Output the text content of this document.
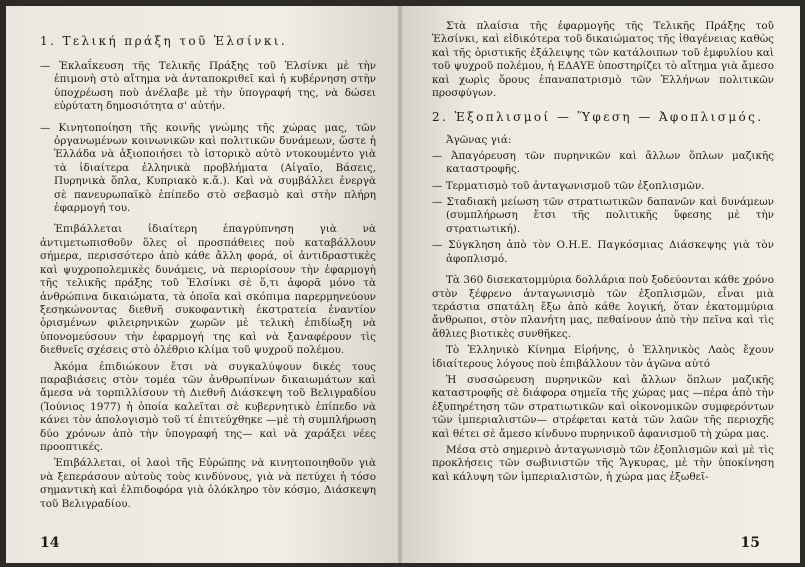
1. Τελική πράξη τοῦ Ἑλσίνκι.
— Ἐκλαΐκευση τῆς Τελικῆς Πράξης τοῦ Ἑλσίνκι μὲ τὴν ἐπιμονὴ στὸ αἴτημα νὰ ἀνταποκριθεῖ καὶ ἡ κυβέρνηση στὴν ὑποχρέωση ποὺ ἀνέλαβε μὲ τὴν ὑπογραφή της, νὰ δώσει εὐρύτατη δημοσιότητα σ' αὐτήν.
— Κινητοποίηση τῆς κοινῆς γνώμης τῆς χώρας μας, τῶν ὀργανωμένων κοινωνικῶν καὶ πολιτικῶν δυνάμεων, ὥστε ἡ Ἑλλάδα νὰ ἀξιοποιήσει τὸ ἱστορικὸ αὐτὸ ντοκουμέντο γιὰ τὰ ἰδιαίτερα ἑλληνικὰ προβλήματα (Αἰγαῖο, Βάσεις, Πυρηνικὰ ὅπλα, Κυπριακὸ κ.ἄ.). Καὶ νὰ συμβάλλει ἐνεργὰ σὲ πανευρωπαϊκὸ ἐπίπεδο στὸ σεβασμὸ καὶ στὴν πλήρη ἐφαρμογή του.
Ἐπιβάλλεται ἰδιαίτερη ἐπαγρύπνηση γιὰ νὰ ἀντιμετωπισθοῦν ὅλες οἱ προσπάθειες ποὺ καταβάλλουν σήμερα, περισσότερο ἀπὸ κάθε ἄλλη φορά, οἱ ἀντιδραστικὲς καὶ ψυχροπολεμικὲς δυνάμεις, νὰ περιορίσουν τὴν ἐφαρμογὴ τῆς τελικῆς πράξης τοῦ Ἑλσίνκι σὲ ὅ,τι ἀφορᾶ μόνο τὰ ἀνθρώπινα δικαιώματα, τὰ ὁποῖα καὶ σκόπιμα παρερμηνεύουν ξεσηκώνοντας διεθνῆ συκοφαντικὴ ἐκστρατεία ἐναντίον ὁρισμένων φιλειρηνικῶν χωρῶν μὲ τελικὴ ἐπιδίωξη νὰ ὑπονομεύσουν τὴν ἐφαρμογή της καὶ νὰ ξαναφέρουν τὶς διεθνεῖς σχέσεις στὸ ὀλέθριο κλίμα τοῦ ψυχροῦ πολέμου.
Ἀκόμα ἐπιδιώκουν ἔτσι νὰ συγκαλύψουν δικές τους παραβιάσεις στὸν τομέα τῶν ἀνθρωπίνων δικαιωμάτων καὶ ἄμεσα νὰ τορπιλλίσουν τὴ Διεθνῆ Διάσκεψη τοῦ Βελιγραδίου (Ἰούνιος 1977) ἡ ὁποία καλεῖται σὲ κυβερνητικὸ ἐπίπεδο νὰ κάνει τὸν ἀπολογισμὸ τοῦ τί ἐπιτεύχθηκε —μὲ τὴ συμπλήρωση δύο χρόνων ἀπὸ τὴν ὑπογραφή της— καὶ νὰ χαράξει νέες προοπτικές.
Ἐπιβάλλεται, οἱ λαοὶ τῆς Εὐρώπης νὰ κινητοποιηθοῦν γιὰ νὰ ξεπεράσουν αὐτοὺς τοὺς κινδύνους, γιὰ νὰ πετύχει ἡ τόσο σημαντικὴ καὶ ἐλπιδοφόρα γιὰ ὁλόκληρο τὸν κόσμο, Διάσκεψη τοῦ Βελιγραδίου.
14
Στὰ πλαίσια τῆς ἐφαρμογῆς τῆς Τελικῆς Πράξης τοῦ Ἑλσίνκι, καὶ εἰδικότερα τοῦ δικαιώματος τῆς ἰθαγένειας καθὼς καὶ τῆς ὁριστικῆς ἐξάλειψης τῶν κατάλοιπων τοῦ ἐμφυλίου καὶ τοῦ ψυχροῦ πολέμου, ἡ ΕΔΑΥΕ ὑποστηρίζει τὸ αἴτημα γιὰ ἄμεσο καὶ χωρὶς ὅρους ἐπαναπατρισμὸ τῶν Ἑλλήνων πολιτικῶν προσφύγων.
2. Ἐξοπλισμοί — Ὕφεση — Ἀφοπλισμός.
Ἀγῶνας γιά:
— Ἀπαγόρευση τῶν πυρηνικῶν καὶ ἄλλων ὅπλων μαζικῆς καταστροφῆς.
— Τερματισμὸ τοῦ ἀνταγωνισμοῦ τῶν ἐξοπλισμῶν.
— Σταδιακὴ μείωση τῶν στρατιωτικῶν δαπανῶν καὶ δυνάμεων (συμπλήρωση ἔτσι τῆς πολιτικῆς ὕφεσης μὲ τὴν στρατιωτική).
— Σύγκληση ἀπὸ τὸν Ο.Η.Ε. Παγκόσμιας Διάσκεψης γιὰ τὸν ἀφοπλισμό.
Τὰ 360 δισεκατομμύρια δολλάρια ποὺ ξοδεύονται κάθε χρόνο στὸν ξέφρενο ἀνταγωνισμὸ τῶν ἐξοπλισμῶν, εἶναι μιὰ τεράστια σπατάλη ἔξω ἀπὸ κάθε λογική, ὅταν ἑκατομμύρια ἄνθρωποι, στὸν πλανήτη μας, πεθαίνουν ἀπὸ τὴν πεῖνα καὶ τὶς ἄθλιες βιοτικὲς συνθῆκες.
Τὸ Ἑλληνικὸ Κίνημα Εἰρήνης, ὁ Ἑλληνικὸς Λαὸς ἔχουν ἰδιαίτερους λόγους ποὺ ἐπιβάλλουν τὸν ἀγῶνα αὐτό
Ἡ συσσώρευση πυρηνικῶν καὶ ἄλλων ὅπλων μαζικῆς καταστροφῆς σὲ διάφορα σημεῖα τῆς χώρας μας —πέρα ἀπὸ τὴν ἐξυπηρέτηση τῶν στρατιωτικῶν καὶ οἰκονομικῶν συμφερόντων τῶν ἰμπεριαλιστῶν— στρέφεται κατὰ τῶν λαῶν τῆς περιοχῆς καὶ θέτει σὲ ἄμεσο κίνδυνο πυρηνικοῦ ἀφανισμοῦ τὴ χώρα μας.
Μέσα στὸ σημερινὸ ἀνταγωνισμὸ τῶν ἐξοπλισμῶν καὶ μὲ τὶς προκλήσεις τῶν σωβινιστῶν τῆς Ἄγκυρας, μὲ τὴν ὑποκίνηση καὶ κάλυψη τῶν ἰμπεριαλιστῶν, ἡ χώρα μας ἐξωθεῖ-
15
